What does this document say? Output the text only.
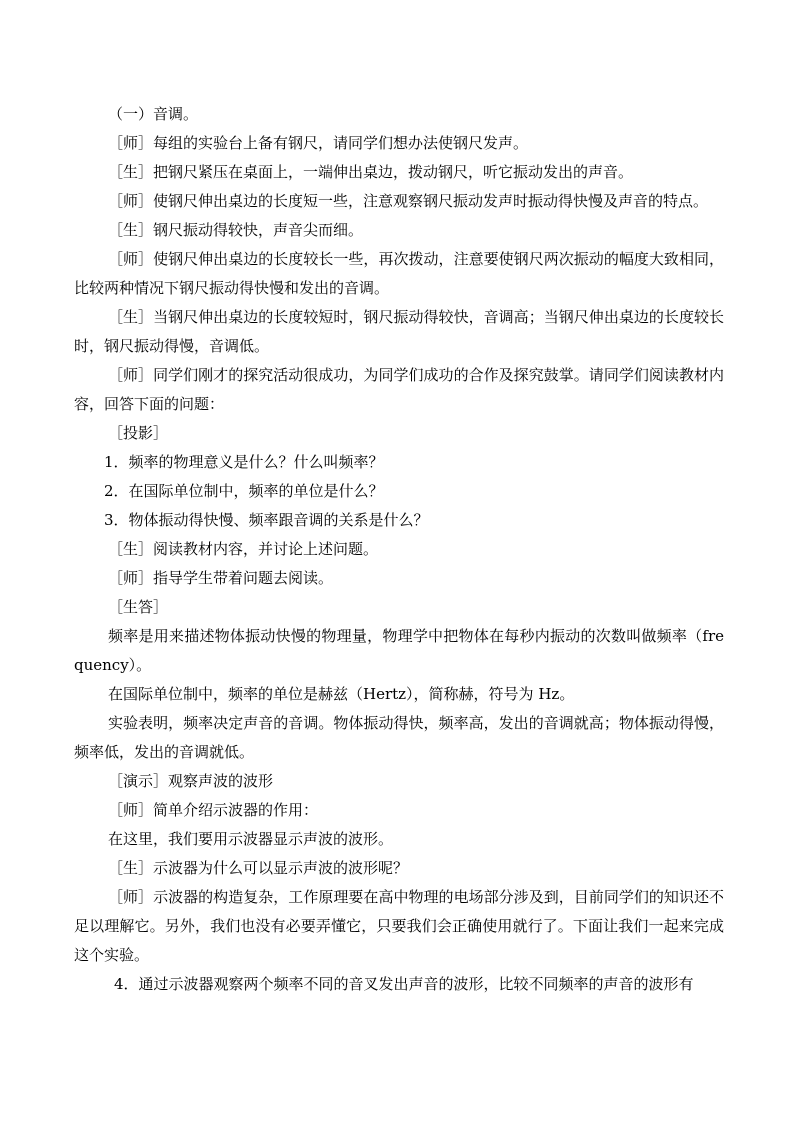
（一）音调。

［师］每组的实验台上备有钢尺，请同学们想办法使钢尺发声。

［生］把钢尺紧压在桌面上，一端伸出桌边，拨动钢尺，听它振动发出的声音。

［师］使钢尺伸出桌边的长度短一些，注意观察钢尺振动发声时振动得快慢及声音的特点。

［生］钢尺振动得较快，声音尖而细。

［师］使钢尺伸出桌边的长度较长一些，再次拨动，注意要使钢尺两次振动的幅度大致相同，比较两种情况下钢尺振动得快慢和发出的音调。

［生］当钢尺伸出桌边的长度较短时，钢尺振动得较快，音调高；当钢尺伸出桌边的长度较长时，钢尺振动得慢，音调低。

［师］同学们刚才的探究活动很成功，为同学们成功的合作及探究鼓掌。请同学们阅读教材内容，回答下面的问题：

［投影］

1．频率的物理意义是什么？什么叫频率？

2．在国际单位制中，频率的单位是什么？

3．物体振动得快慢、频率跟音调的关系是什么？

［生］阅读教材内容，并讨论上述问题。

［师］指导学生带着问题去阅读。

［生答］

频率是用来描述物体振动快慢的物理量，物理学中把物体在每秒内振动的次数叫做频率（frequency）。

在国际单位制中，频率的单位是赫兹（Hertz），简称赫，符号为 Hz。

实验表明，频率决定声音的音调。物体振动得快，频率高，发出的音调就高；物体振动得慢，频率低，发出的音调就低。

［演示］观察声波的波形

［师］简单介绍示波器的作用：

在这里，我们要用示波器显示声波的波形。

［生］示波器为什么可以显示声波的波形呢？

［师］示波器的构造复杂，工作原理要在高中物理的电场部分涉及到，目前同学们的知识还不足以理解它。另外，我们也没有必要弄懂它，只要我们会正确使用就行了。下面让我们一起来完成这个实验。

4．通过示波器观察两个频率不同的音叉发出声音的波形，比较不同频率的声音的波形有
